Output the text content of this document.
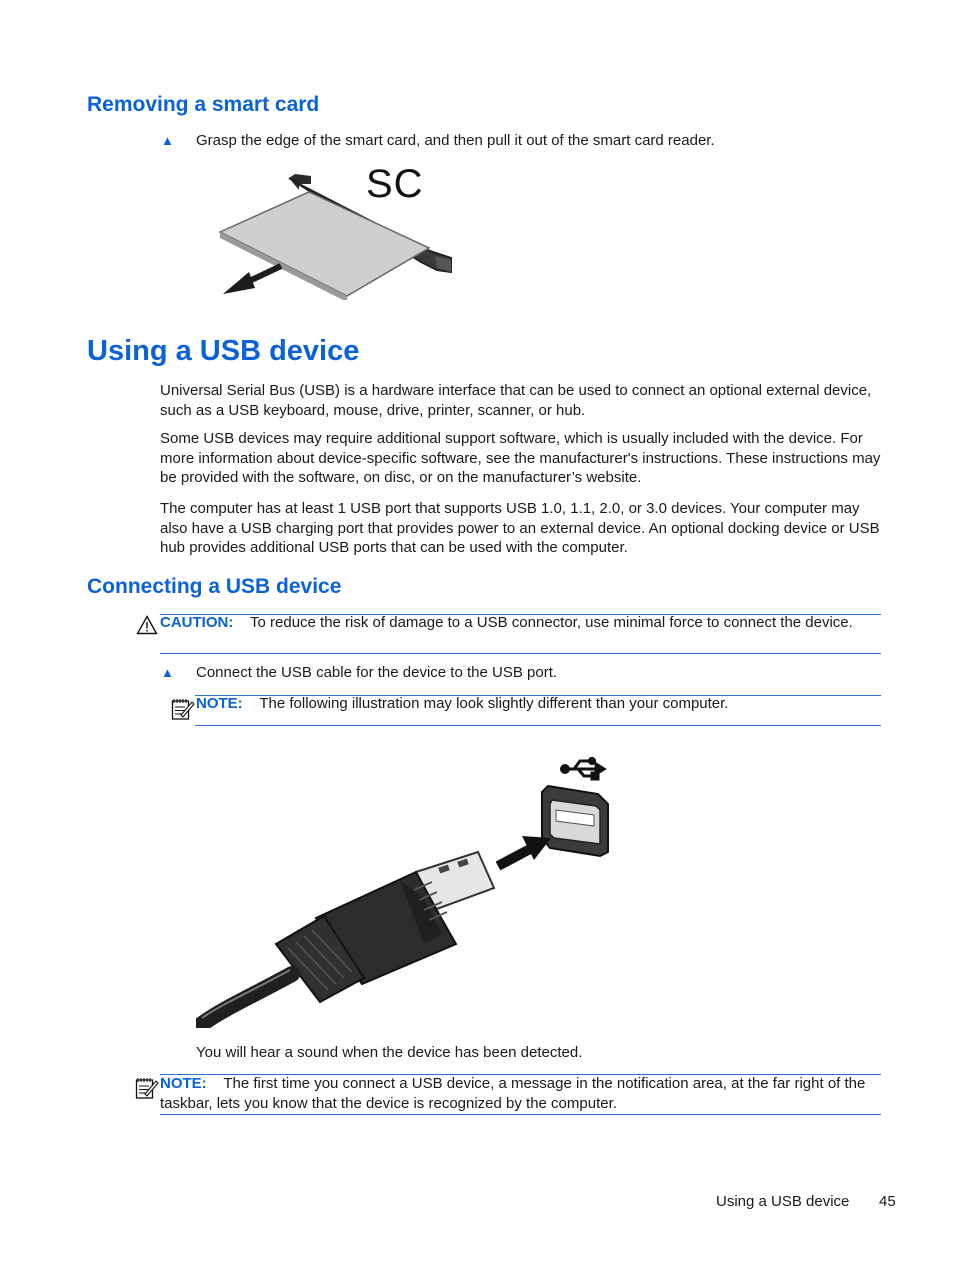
Removing a smart card
▲ Grasp the edge of the smart card, and then pull it out of the smart card reader.
SC
Using a USB device
Universal Serial Bus (USB) is a hardware interface that can be used to connect an optional external device, such as a USB keyboard, mouse, drive, printer, scanner, or hub.
Some USB devices may require additional support software, which is usually included with the device. For more information about device-specific software, see the manufacturer's instructions. These instructions may be provided with the software, on disc, or on the manufacturer’s website.
The computer has at least 1 USB port that supports USB 1.0, 1.1, 2.0, or 3.0 devices. Your computer may also have a USB charging port that provides power to an external device. An optional docking device or USB hub provides additional USB ports that can be used with the computer.
Connecting a USB device
CAUTION: To reduce the risk of damage to a USB connector, use minimal force to connect the device.
▲ Connect the USB cable for the device to the USB port.
NOTE: The following illustration may look slightly different than your computer.
You will hear a sound when the device has been detected.
NOTE: The first time you connect a USB device, a message in the notification area, at the far right of the taskbar, lets you know that the device is recognized by the computer.
Using a USB device 45
